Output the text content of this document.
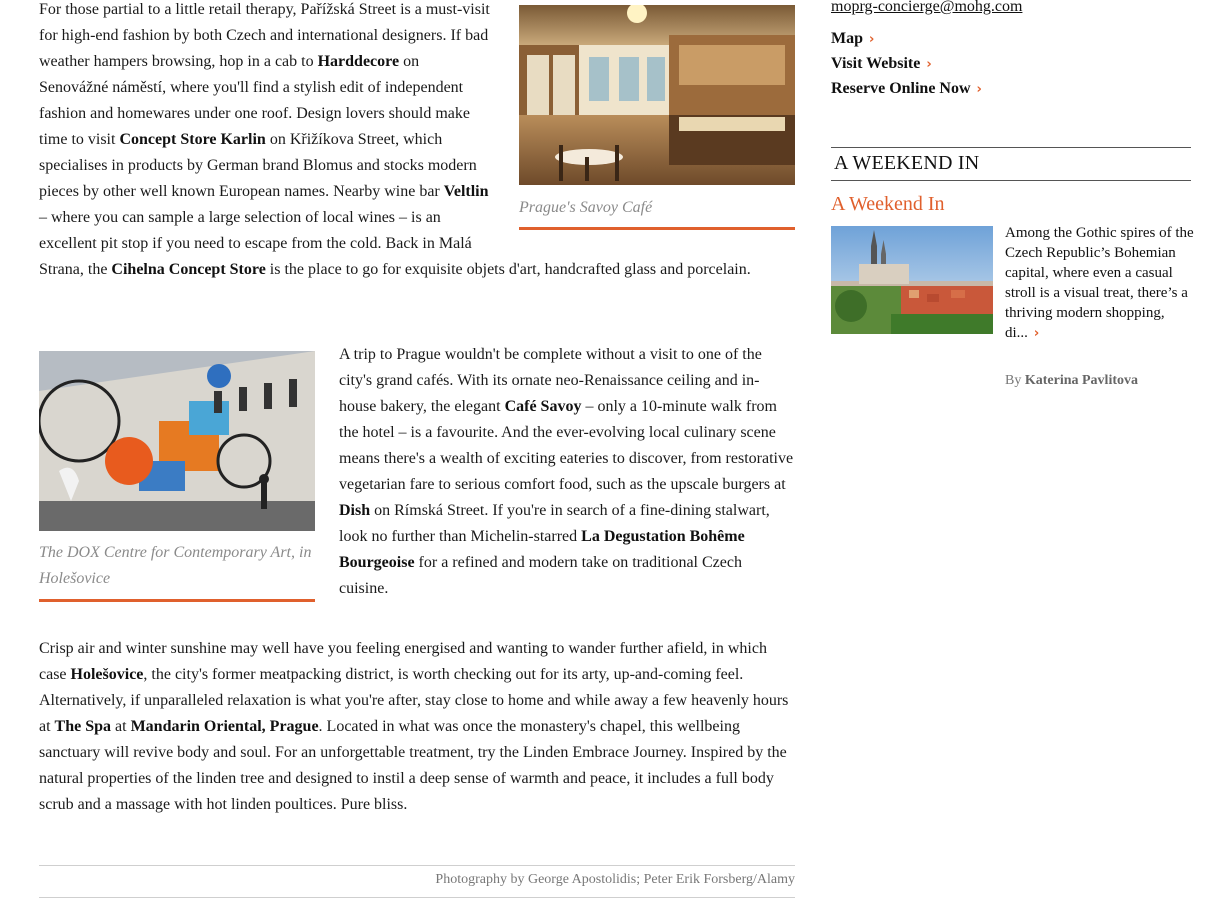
For those partial to a little retail therapy, Pařížská Street is a must-visit for high-end fashion by both Czech and international designers. If bad weather hampers browsing, hop in a cab to Harddecore on Senovážné náměstí, where you'll find a stylish edit of independent fashion and homewares under one roof. Design lovers should make time to visit Concept Store Karlin on Křižíkova Street, which specialises in products by German brand Blomus and stocks modern pieces by other well known European names. Nearby wine bar Veltlin – where you can sample a large selection of local wines – is an excellent pit stop if you need to escape from the cold. Back in Malá Strana, the Cihelna Concept Store is the place to go for exquisite objets d'art, handcrafted glass and porcelain.

Prague's Savoy Café

A trip to Prague wouldn't be complete without a visit to one of the city's grand cafés. With its ornate neo-Renaissance ceiling and in-house bakery, the elegant Café Savoy – only a 10-minute walk from the hotel – is a favourite. And the ever-evolving local culinary scene means there's a wealth of exciting eateries to discover, from restorative vegetarian fare to serious comfort food, such as the upscale burgers at Dish on Rímská Street. If you're in search of a fine-dining stalwart, look no further than Michelin-starred La Degustation Bohême Bourgeoise for a refined and modern take on traditional Czech cuisine.

The DOX Centre for Contemporary Art, in Holešovice

Crisp air and winter sunshine may well have you feeling energised and wanting to wander further afield, in which case Holešovice, the city's former meatpacking district, is worth checking out for its arty, up-and-coming feel. Alternatively, if unparalleled relaxation is what you're after, stay close to home and while away a few heavenly hours at The Spa at Mandarin Oriental, Prague. Located in what was once the monastery's chapel, this wellbeing sanctuary will revive body and soul. For an unforgettable treatment, try the Linden Embrace Journey. Inspired by the natural properties of the linden tree and designed to instil a deep sense of warmth and peace, it includes a full body scrub and a massage with hot linden poultices. Pure bliss.

Photography by George Apostolidis; Peter Erik Forsberg/Alamy
moprg-concierge@mohg.com
Map ›
Visit Website ›
Reserve Online Now ›
A WEEKEND IN
A Weekend In
Among the Gothic spires of the Czech Republic’s Bohemian capital, where even a casual stroll is a visual treat, there’s a thriving modern shopping, di... ›
By Katerina Pavlitova
